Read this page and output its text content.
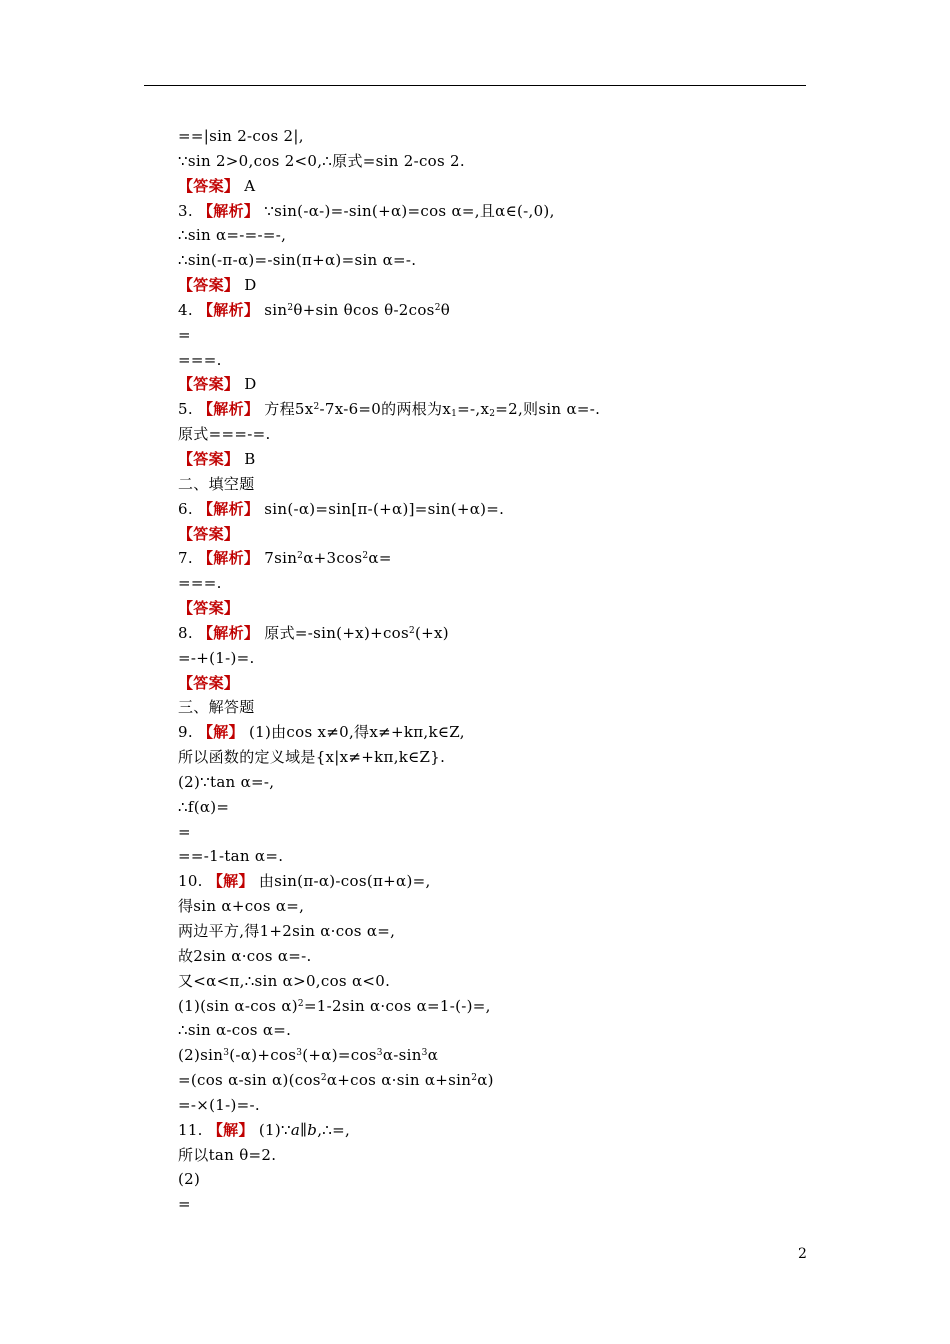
==|sin 2-cos 2|,
∵sin 2>0,cos 2<0,∴原式=sin 2-cos 2.
【答案】 A
3. 【解析】 ∵sin(-α-)=-sin(+α)=cos α=,且α∈(-,0),
∴sin α=-=-=-,
∴sin(-π-α)=-sin(π+α)=sin α=-.
【答案】 D
4. 【解析】 $\sin^2\theta+\sin$ θcos $\theta-2\cos^2\theta$
=
===.
【答案】 D
5. 【解析】 方程$5x^2-7x-6=0$的两根为$x_1=-,x_2=2$,则sin α=-.
原式===-=.
【答案】 B
二、填空题
6. 【解析】 sin(-α)=sin[π-(+α)]=sin(+α)=.
【答案】
7. 【解析】 $7\sin^2\alpha+3\cos^2\alpha=$
===.
【答案】
8. 【解析】 原式$=-\sin(+x)+\cos^2(+x)$
=-+(1-)=.
【答案】
三、解答题
9. 【解】 (1)由cos x≠0,得x≠+kπ,k∈Z,
所以函数的定义域是{x|x≠+kπ,k∈Z}.
(2)∵tan α=-,
∴f(α)=
=
==-1-tan α=.
10. 【解】 由sin(π-α)-cos(π+α)=,
得sin α+cos α=,
两边平方,得1+2sin α·cos α=,
故2sin α·cos α=-.
又<α<π,∴sin α>0,cos α<0.
(1)(sin α-cos α)$^2$=1-2sin α·cos α=1-(-)=,
∴sin α-cos α=.
$(2)\sin^3(-\alpha)+\cos^3(+\alpha)=\cos^3\alpha-\sin^3\alpha$
=(cos α-sin $\alpha)(\cos^2\alpha+\cos$ α·sin $\alpha+\sin^2\alpha$)
=-×(1-)=-.
11. 【解】 (1)∵a∥b,∴=,
所以tan θ=2.
(2)
=
2
